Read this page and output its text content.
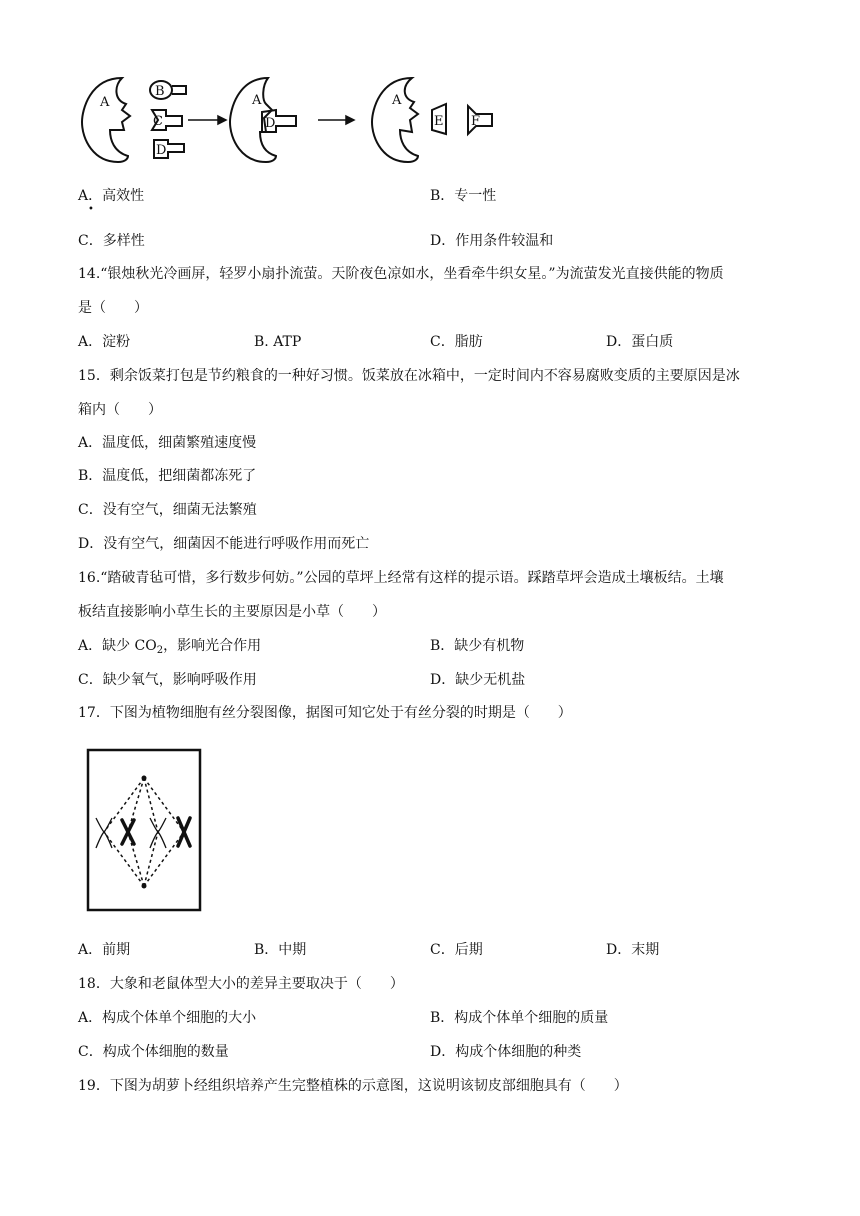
A
B
C
D
A
D
A
E F
A．高效性
•
B．专一性
C．多样性	D．作用条件较温和
14.“银烛秋光冷画屏，轻罗小扇扑流萤。天阶夜色凉如水，坐看牵牛织女星。”为流萤发光直接供能的物质
是（　　）
A．淀粉	B. ATP	C．脂肪	D．蛋白质
15．剩余饭菜打包是节约粮食的一种好习惯。饭菜放在冰箱中，一定时间内不容易腐败变质的主要原因是冰
箱内（　　）
A．温度低，细菌繁殖速度慢
B．温度低，把细菌都冻死了
C．没有空气，细菌无法繁殖
D．没有空气，细菌因不能进行呼吸作用而死亡
16.“踏破青毡可惜，多行数步何妨。”公园的草坪上经常有这样的提示语。踩踏草坪会造成土壤板结。土壤
板结直接影响小草生长的主要原因是小草（　　）
A．缺少 $CO_2$，影响光合作用	B．缺少有机物
C．缺少氧气，影响呼吸作用	D．缺少无机盐
17．下图为植物细胞有丝分裂图像，据图可知它处于有丝分裂的时期是（　　）
A．前期	B．中期	C．后期	D．末期
18．大象和老鼠体型大小的差异主要取决于（　　）
A．构成个体单个细胞的大小	B．构成个体单个细胞的质量
C．构成个体细胞的数量	D．构成个体细胞的种类
19．下图为胡萝卜经组织培养产生完整植株的示意图，这说明该韧皮部细胞具有（　　）
